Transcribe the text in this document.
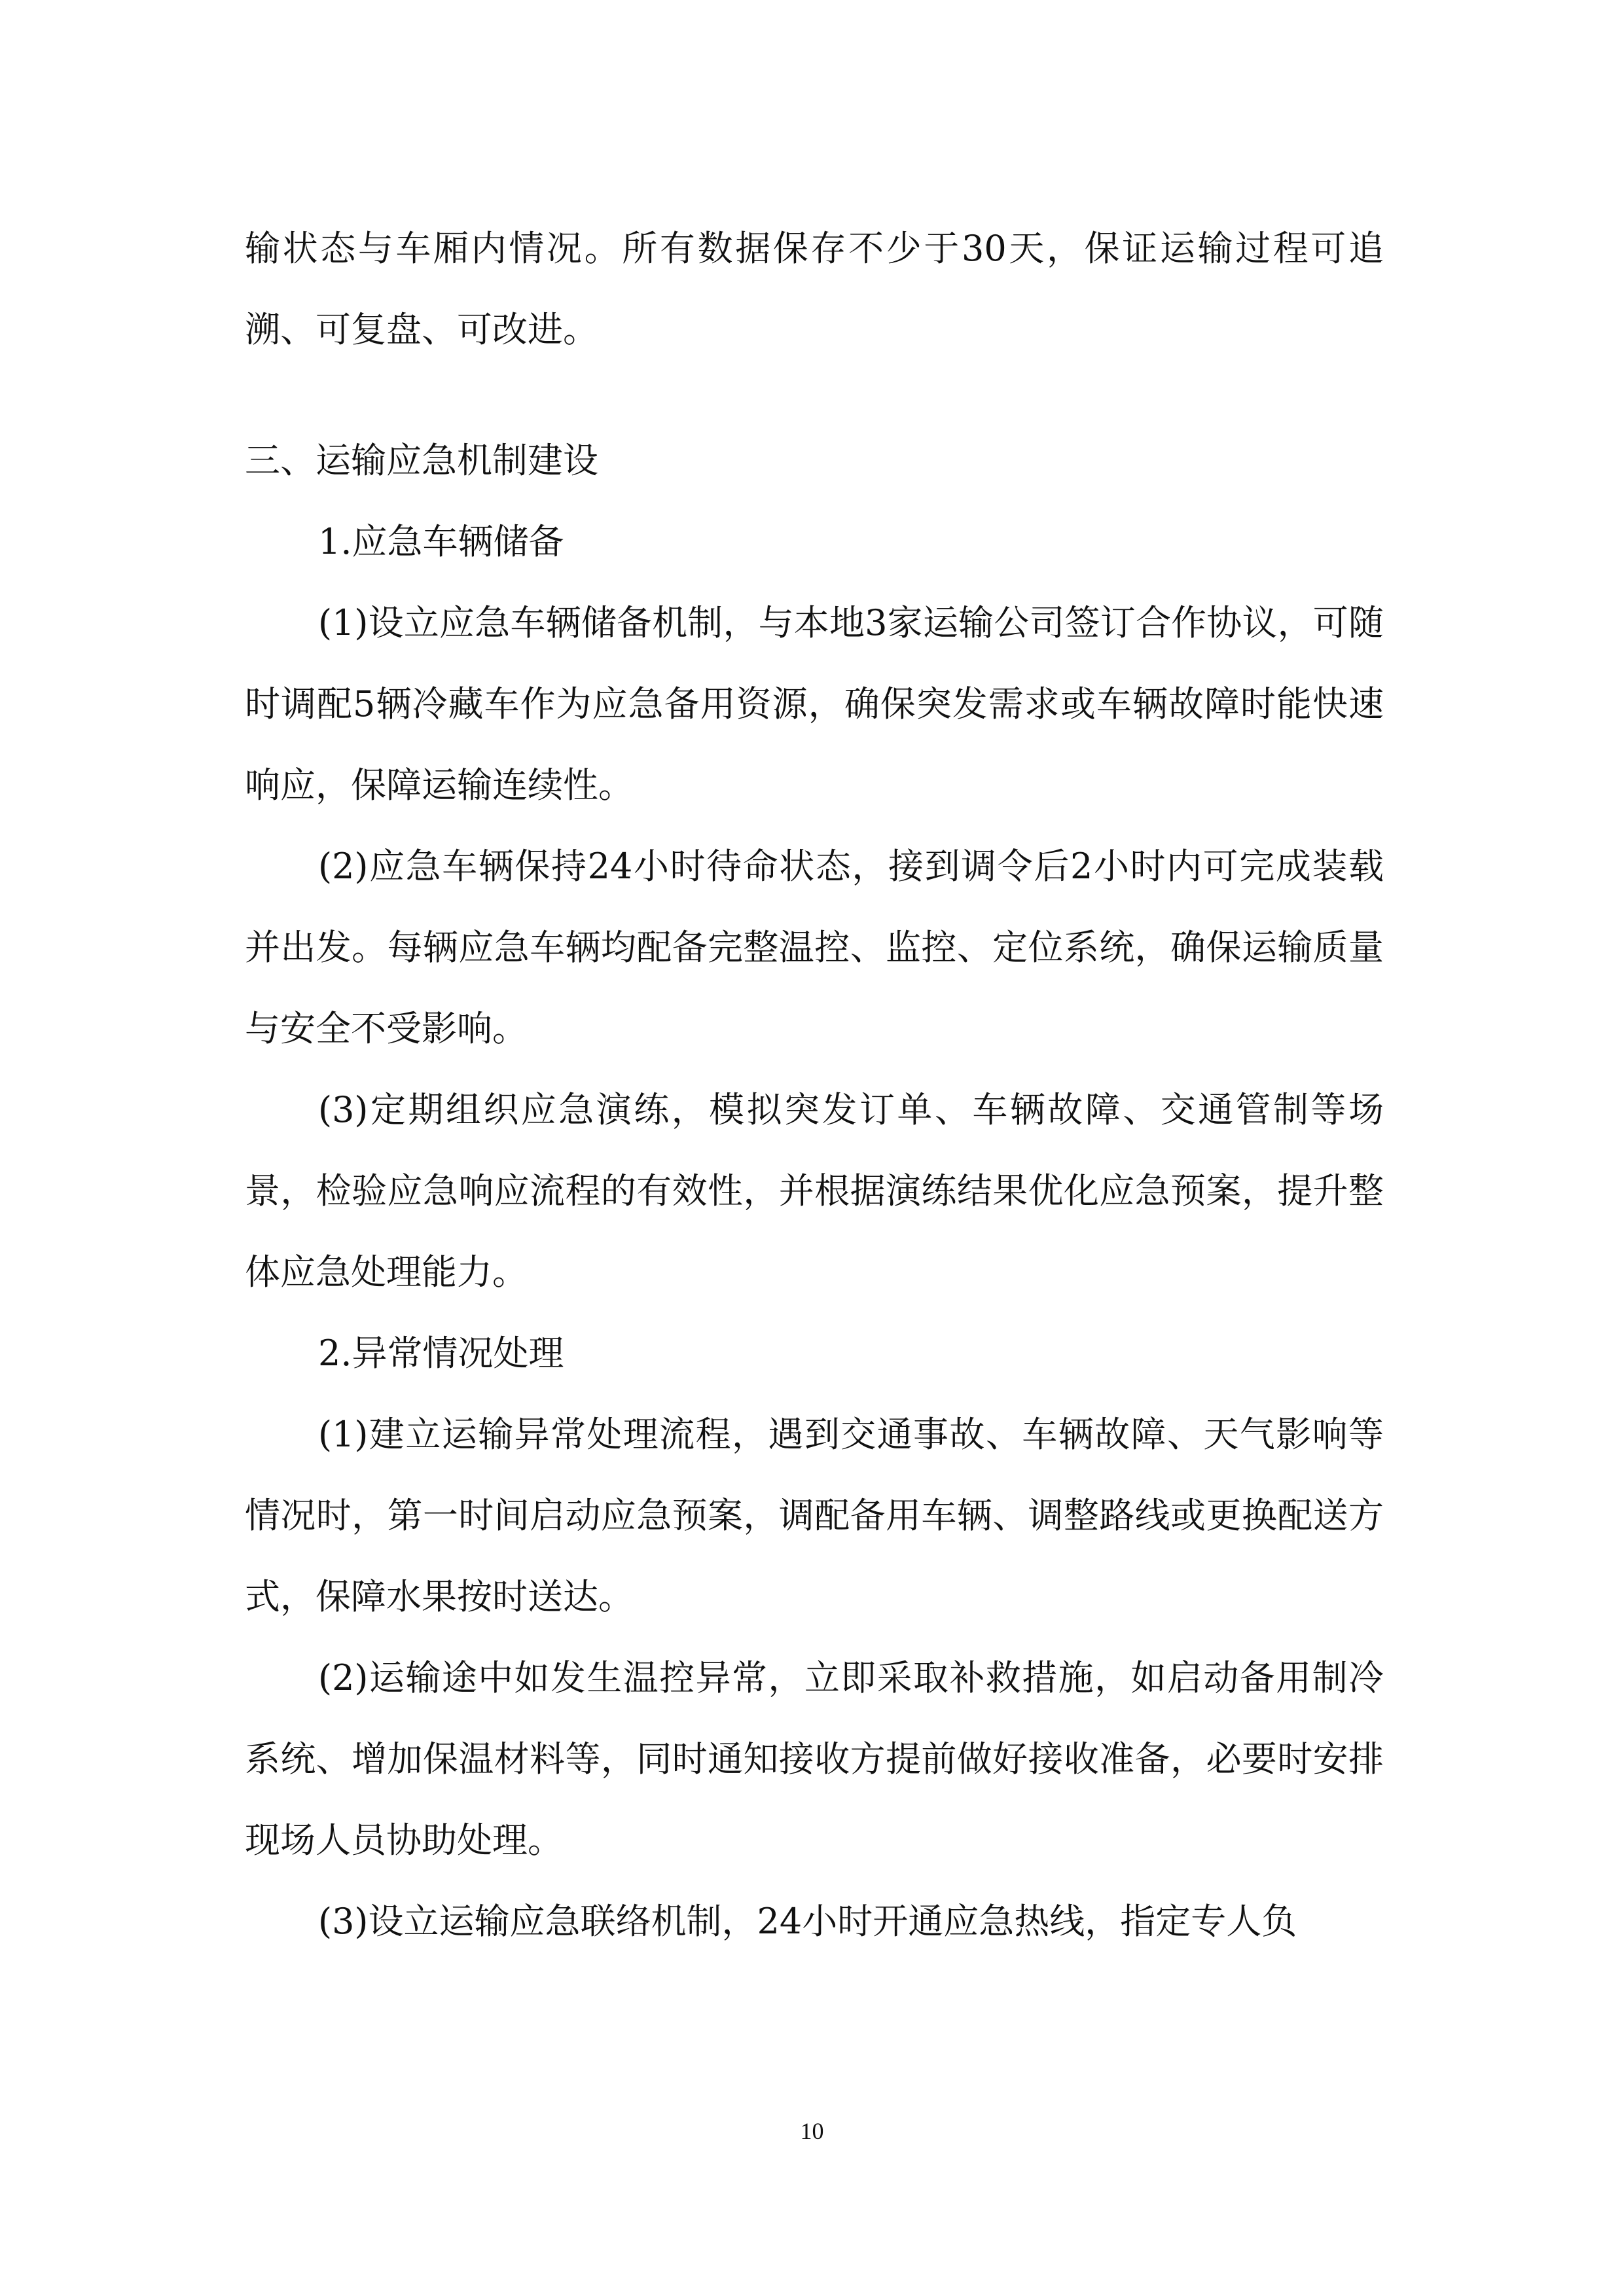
输状态与车厢内情况。所有数据保存不少于30天，保证运输过程可追溯、可复盘、可改进。

三、运输应急机制建设

1.应急车辆储备

(1)设立应急车辆储备机制，与本地3家运输公司签订合作协议，可随时调配5辆冷藏车作为应急备用资源，确保突发需求或车辆故障时能快速响应，保障运输连续性。

(2)应急车辆保持24小时待命状态，接到调令后2小时内可完成装载并出发。每辆应急车辆均配备完整温控、监控、定位系统，确保运输质量与安全不受影响。

(3)定期组织应急演练，模拟突发订单、车辆故障、交通管制等场景，检验应急响应流程的有效性，并根据演练结果优化应急预案，提升整体应急处理能力。

2.异常情况处理

(1)建立运输异常处理流程，遇到交通事故、车辆故障、天气影响等情况时，第一时间启动应急预案，调配备用车辆、调整路线或更换配送方式，保障水果按时送达。

(2)运输途中如发生温控异常，立即采取补救措施，如启动备用制冷系统、增加保温材料等，同时通知接收方提前做好接收准备，必要时安排现场人员协助处理。

(3)设立运输应急联络机制，24小时开通应急热线，指定专人负

10
